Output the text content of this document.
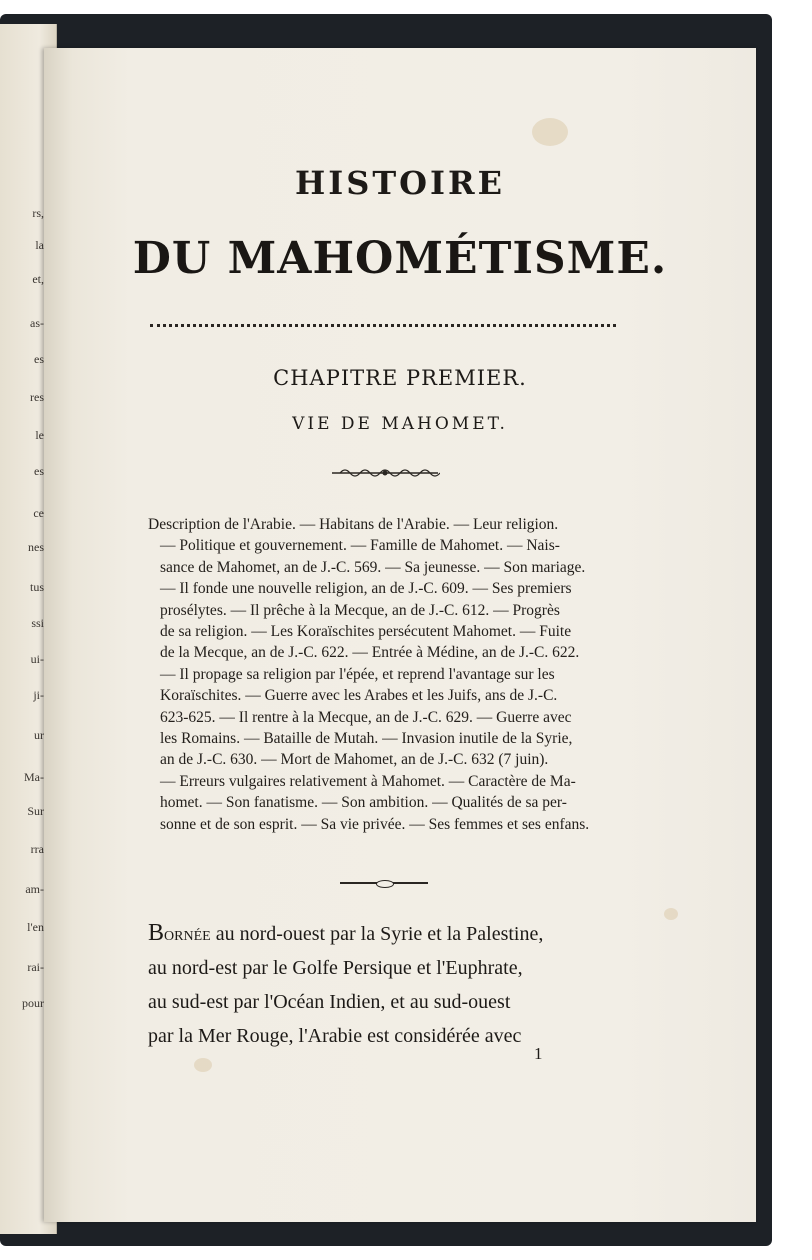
rs,
la
et,
as-
es
res
le
es
ce
nes
tus
ssi
ui-
ji-
ur
Ma-
Sur
rra
am-
l'en
rai-
pour
HISTOIRE
DU MAHOMÉTISME.
CHAPITRE PREMIER.
VIE DE MAHOMET.
Description de l'Arabie. — Habitans de l'Arabie. — Leur religion.
— Politique et gouvernement. — Famille de Mahomet. — Nais-
sance de Mahomet, an de J.-C. 569. — Sa jeunesse. — Son mariage.
— Il fonde une nouvelle religion, an de J.-C. 609. — Ses premiers
prosélytes. — Il prêche à la Mecque, an de J.-C. 612. — Progrès
de sa religion. — Les Koraïschites persécutent Mahomet. — Fuite
de la Mecque, an de J.-C. 622. — Entrée à Médine, an de J.-C. 622.
— Il propage sa religion par l'épée, et reprend l'avantage sur les
Koraïschites. — Guerre avec les Arabes et les Juifs, ans de J.-C.
623-625. — Il rentre à la Mecque, an de J.-C. 629. — Guerre avec
les Romains. — Bataille de Mutah. — Invasion inutile de la Syrie,
an de J.-C. 630. — Mort de Mahomet, an de J.-C. 632 (7 juin).
— Erreurs vulgaires relativement à Mahomet. — Caractère de Ma-
homet. — Son fanatisme. — Son ambition. — Qualités de sa per-
sonne et de son esprit. — Sa vie privée. — Ses femmes et ses enfans.
Bornée au nord-ouest par la Syrie et la Palestine,
au nord-est par le Golfe Persique et l'Euphrate,
au sud-est par l'Océan Indien, et au sud-ouest
par la Mer Rouge, l'Arabie est considérée avec
1
